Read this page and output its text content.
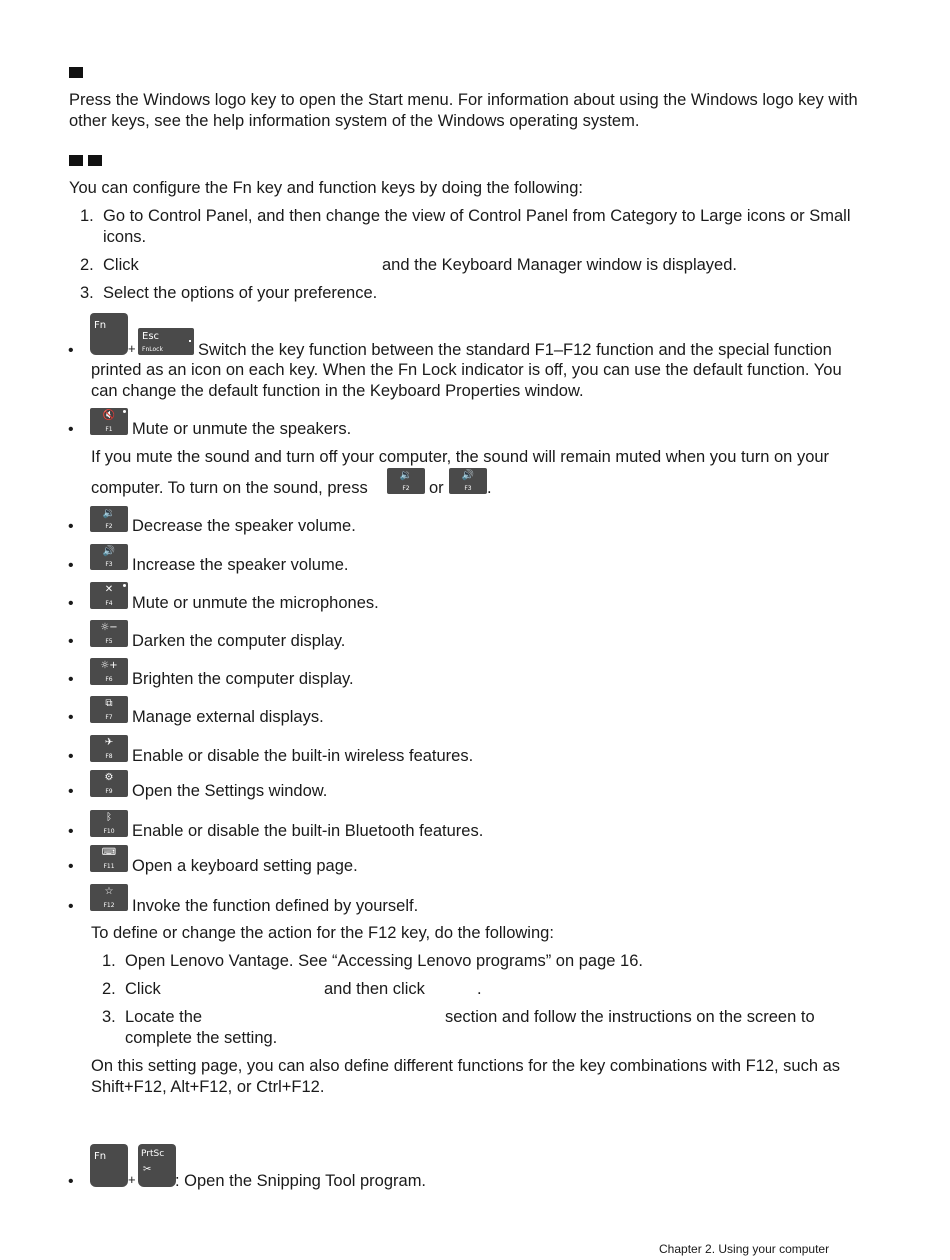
Press the Windows logo key to open the Start menu. For information about using the Windows logo key with
other keys, see the help information system of the Windows operating system.
You can configure the Fn key and function keys by doing the following:
1. Go to Control Panel, and then change the view of Control Panel from Category to Large icons or Small
icons.
2. Click	and the Keyboard Manager window is displayed.
3. Select the options of your preference.
•
Fn
+
Esc
FnLock Switch the key function between the standard F1–F12 function and the special function
printed as an icon on each key. When the Fn Lock indicator is off, you can use the default function. You
can change the default function in the Keyboard Properties window.
•
🔇
F1	Mute or unmute the speakers.
If you mute the sound and turn off your computer, the sound will remain muted when you turn on your
computer. To turn on the sound, press
🔉
F2	or
🔊
F3 .
•
🔉
F2	Decrease the speaker volume.
•
🔊
F3	Increase the speaker volume.
•
✕
F4	Mute or unmute the microphones.
•
☼−
F5	Darken the computer display.
•
☼+
F6	Brighten the computer display.
•
⧉
F7	Manage external displays.
•
✈
F8	Enable or disable the built-in wireless features.
•
⚙
F9	Open the Settings window.
•
ᛒ
F10	Enable or disable the built-in Bluetooth features.
•
⌨
F11	Open a keyboard setting page.
•
☆
F12	Invoke the function defined by yourself.
To define or change the action for the F12 key, do the following:
1. Open Lenovo Vantage. See “Accessing Lenovo programs” on page 16.
2. Click	and then click	.
3. Locate the	section and follow the instructions on the screen to
complete the setting.
On this setting page, you can also define different functions for the key combinations with F12, such as
Shift+F12, Alt+F12, or Ctrl+F12.
•
Fn
+
PrtSc
✂
: Open the Snipping Tool program.
Chapter 2. Using your computer
